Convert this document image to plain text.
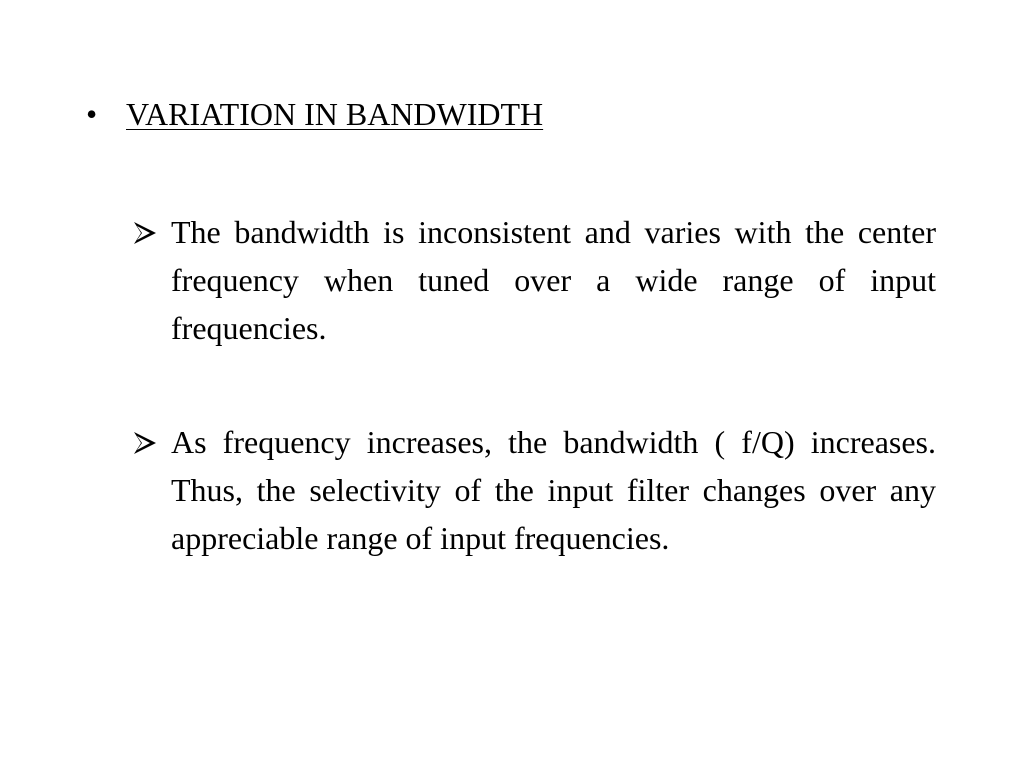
• VARIATION IN BANDWIDTH
The bandwidth is inconsistent and varies with the center frequency when tuned over a wide range of input frequencies.
As frequency increases, the bandwidth ( f/Q) increases. Thus, the selectivity of the input filter changes over any appreciable range of input frequencies.
